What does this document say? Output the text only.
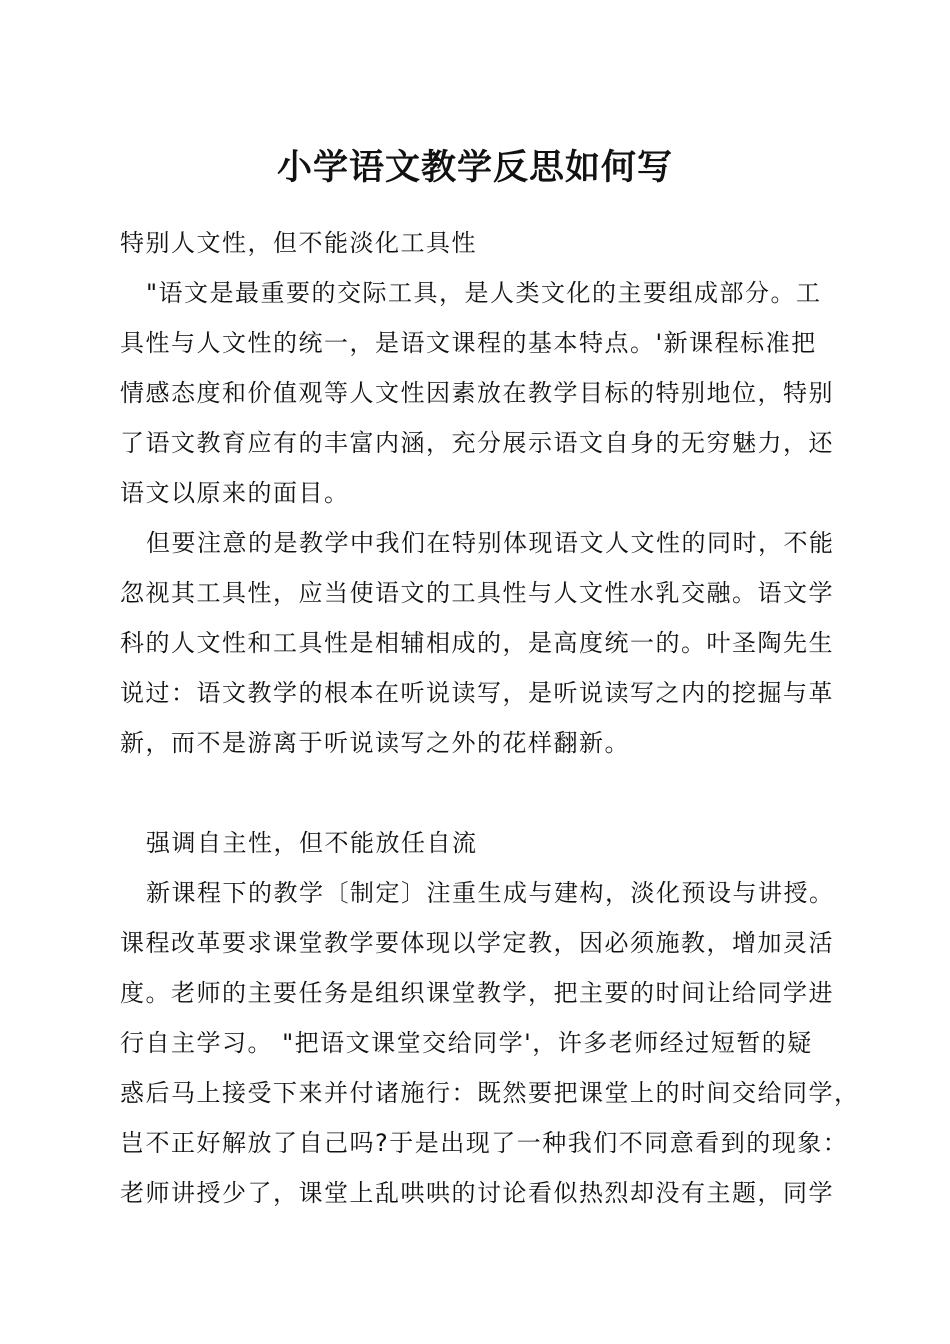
小学语文教学反思如何写
特别人文性，但不能淡化工具性
"语文是最重要的交际工具，是人类文化的主要组成部分。工
具性与人文性的统一，是语文课程的基本特点。'新课程标准把
情感态度和价值观等人文性因素放在教学目标的特别地位，特别
了语文教育应有的丰富内涵，充分展示语文自身的无穷魅力，还
语文以原来的面目。
但要注意的是教学中我们在特别体现语文人文性的同时，不能
忽视其工具性，应当使语文的工具性与人文性水乳交融。语文学
科的人文性和工具性是相辅相成的，是高度统一的。叶圣陶先生
说过：语文教学的根本在听说读写，是听说读写之内的挖掘与革
新，而不是游离于听说读写之外的花样翻新。
强调自主性，但不能放任自流
新课程下的教学〔制定〕注重生成与建构，淡化预设与讲授。
课程改革要求课堂教学要体现以学定教，因必须施教，增加灵活
度。老师的主要任务是组织课堂教学，把主要的时间让给同学进
行自主学习。 "把语文课堂交给同学'，许多老师经过短暂的疑
惑后马上接受下来并付诸施行：既然要把课堂上的时间交给同学，
岂不正好解放了自己吗?于是出现了一种我们不同意看到的现象：
老师讲授少了，课堂上乱哄哄的讨论看似热烈却没有主题，同学
